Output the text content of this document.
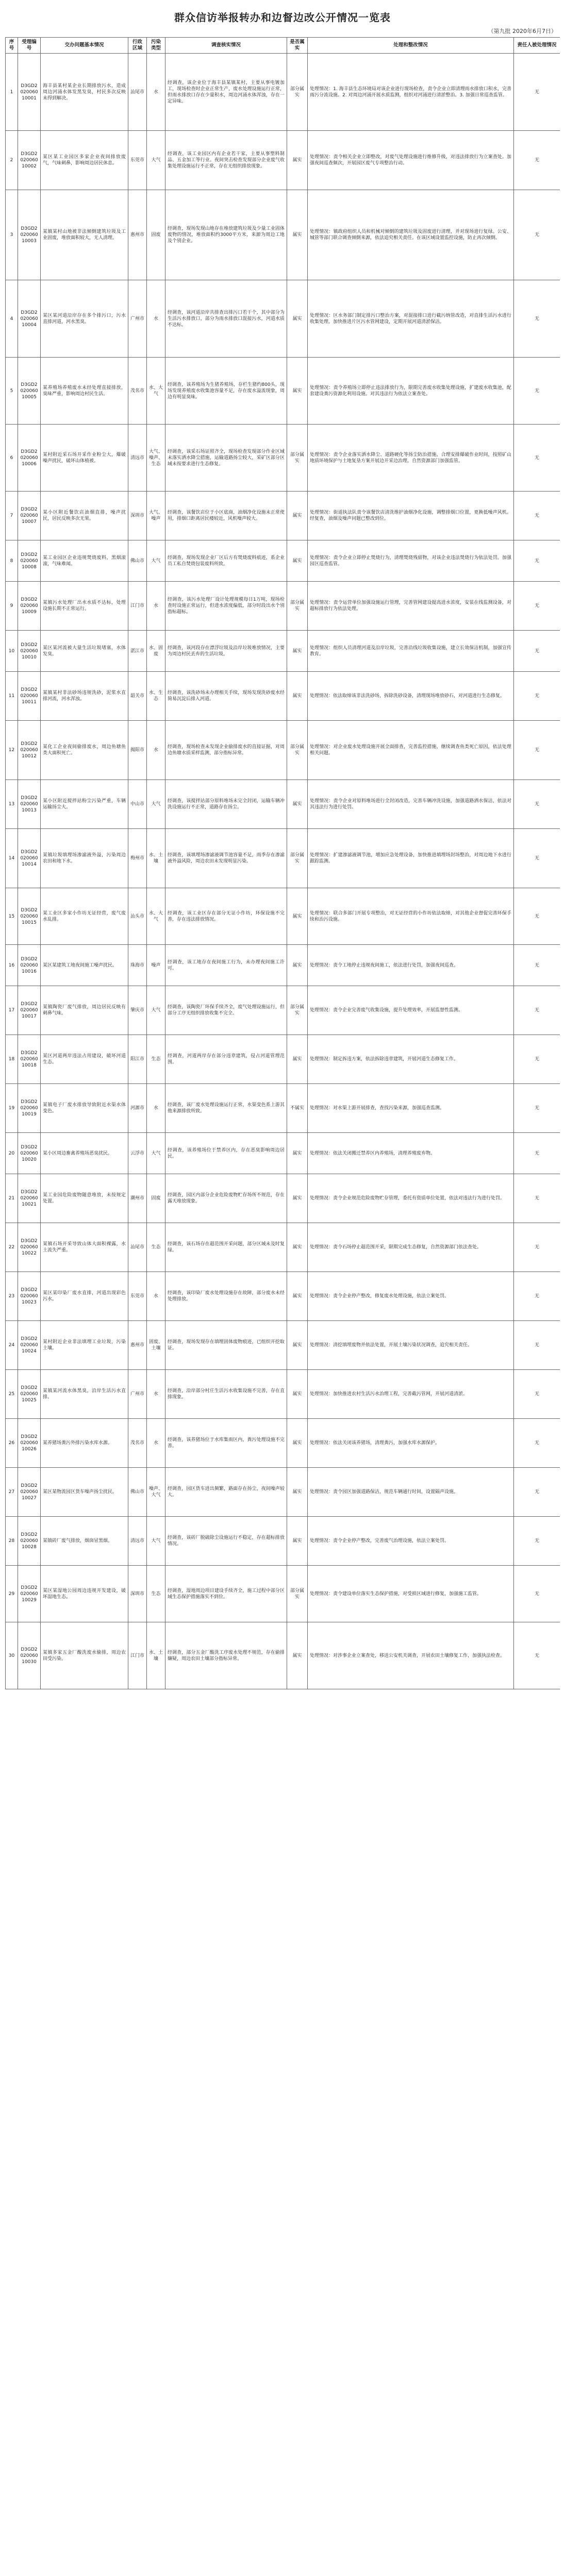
群众信访举报转办和边督边改公开情况一览表
（第九批 2020年6月7日）
序号	受理编号	交办问题基本情况	行政区域	污染类型	调查核实情况	是否属实	处理和整改情况	责任人被处理情况
1	D3GD202006010001	海丰县某村某企业长期排放污水，造成周边河涌水体发黑发臭，村民多次反映未得到解决。	汕尾市	水	经调查，该企业位于海丰县某镇某村，主要从事电镀加工，现场检查时企业正常生产，废水处理设施运行正常，但雨水排放口存在少量积水，周边河涌水体浑浊，存在一定异味。	部分属实	处理情况：1. 海丰县生态环境局对该企业进行现场检查，责令企业立即清理雨水排放口积水，完善雨污分流设施。2. 对周边河涌开展水质监测，组织对河涌进行清淤整治。3. 加强日常巡查监管。	无
2	D3GD202006010002	某区某工业园区多家企业夜间排放废气，气味刺鼻，影响周边居民休息。	东莞市	大气	经调查，该工业园区内有企业若干家，主要从事塑料制品、五金加工等行业。夜间突击检查发现部分企业废气收集处理设施运行不正常，存在无组织排放现象。	属实	处理情况：责令相关企业立即整改，对废气处理设施进行维修升级，对违法排放行为立案查处。加强夜间巡查频次，开展园区废气专项整治行动。	无
3	D3GD202006010003	某镇某村山地被非法倾倒建筑垃圾及工业固废，堆放面积较大，无人清理。	惠州市	固废	经调查，现场发现山地存在堆放建筑垃圾及少量工业固体废物的情况，堆放面积约3000平方米，来源为周边工地及个别企业。	属实	处理情况：镇政府组织人员和机械对倾倒的建筑垃圾及固废进行清理，并对现场进行复绿。公安、城管等部门联合调查倾倒来源，依法追究相关责任。在该区域设置监控设施，防止再次倾倒。	无
4	D3GD202006010004	某区某河道沿岸存在多个排污口，污水直排河道，河水黑臭。	广州市	水	经调查，该河道沿岸共排查出排污口若干个，其中部分为生活污水排放口，部分为雨水排放口混接污水，河道水质不达标。	属实	处理情况：区水务部门制定排污口整治方案，对混接排口进行截污纳管改造，对直排生活污水进行收集处理。加快推进片区污水管网建设，定期开展河道清淤保洁。	无
5	D3GD202006010005	某养殖场养殖废水未经处理直接排放，臭味严重，影响周边村民生活。	茂名市	水、大气	经调查，该养殖场为生猪养殖场，存栏生猪约800头，现场发现养殖废水收集池容量不足，存在废水溢流现象，周边有明显臭味。	属实	处理情况：责令养殖场立即停止违法排放行为，限期完善废水收集处理设施，扩建废水收集池，配套建设粪污资源化利用设施。对其违法行为依法立案查处。	无
6	D3GD202006010006	某村附近采石场开采作业粉尘大，爆破噪声扰民，破坏山体植被。	清远市	大气、噪声、生态	经调查，该采石场证照齐全，现场检查发现部分作业区域未落实洒水降尘措施，运输道路扬尘较大，采矿区部分区域未按要求进行生态修复。	部分属实	处理情况：责令企业落实洒水降尘、道路硬化等扬尘防治措施，合理安排爆破作业时间，按照矿山地质环境保护与土地复垦方案开展边开采边治理。自然资源部门加强监管。	无
7	D3GD202006010007	某小区附近餐饮店油烟直排，噪声扰民，居民反映多次无果。	深圳市	大气、噪声	经调查，该餐饮店位于小区底商，油烟净化设施未正常使用，排烟口距离居民楼较近，风机噪声较大。	属实	处理情况：街道执法队责令该餐饮店清洗维护油烟净化设施，调整排烟口位置，更换低噪声风机。经复查，油烟及噪声问题已整改到位。	无
8	D3GD202006010008	某工业园区企业违规焚烧废料，黑烟滚滚，气味难闻。	佛山市	大气	经调查，现场发现企业厂区后方有焚烧废料痕迹，系企业员工私自焚烧包装废料所致。	属实	处理情况：责令企业立即停止焚烧行为，清理焚烧残留物，对该企业违法焚烧行为依法处罚。加强园区巡查监管。	无
9	D3GD202006010009	某镇污水处理厂出水水质不达标，处理设施长期不正常运行。	江门市	水	经调查，该污水处理厂设计处理规模每日1万吨，现场检查时设施正常运行，但进水浓度偏低，部分时段出水个别指标超标。	部分属实	处理情况：责令运营单位加强设施运行管理，完善管网建设提高进水浓度，安装在线监测设备，对超标排放行为依法处理。	无
10	D3GD202006010010	某区某河流被大量生活垃圾堵塞，水体发臭。	湛江市	水、固废	经调查，该河段存在漂浮垃圾及沿岸垃圾堆放情况，主要为周边村民丢弃的生活垃圾。	属实	处理情况：组织人员清理河道及沿岸垃圾，完善沿线垃圾收集设施，建立长效保洁机制，加强宣传教育。	无
11	D3GD202006010011	某镇某村非法砂场违规洗砂，泥浆水直排河流，河水浑浊。	韶关市	水、生态	经调查，该洗砂场未办理相关手续，现场发现洗砂废水经简易沉淀后排入河道。	属实	处理情况：依法取缔该非法洗砂场，拆除洗砂设备，清理现场堆放砂石，对河道进行生态修复。	无
12	D3GD202006010012	某化工企业夜间偷排废水，周边鱼塘鱼类大面积死亡。	揭阳市	水	经调查，现场检查未发现企业偷排废水的直接证据，对周边鱼塘水质采样监测，部分指标异常。	部分属实	处理情况：对企业废水处理设施开展全面排查，完善监控措施，继续调查鱼类死亡原因，依法处理相关问题。	无
13	D3GD202006010013	某小区附近搅拌站粉尘污染严重，车辆运输扬尘大。	中山市	大气	经调查，该搅拌站部分原料堆场未完全封闭，运输车辆冲洗设施运行不正常，道路存在扬尘。	属实	处理情况：责令企业对原料堆场进行全封闭改造，完善车辆冲洗设施，加强道路洒水保洁，依法对其违法行为进行处罚。	无
14	D3GD202006010014	某镇垃圾填埋场渗滤液外溢，污染周边农田和地下水。	梅州市	水、土壤	经调查，该填埋场渗滤液调节池容量不足，雨季存在渗滤液外溢风险，周边农田未发现明显污染。	部分属实	处理情况：扩建渗滤液调节池，增加应急处理设备，加快推进填埋场封场整治，对周边地下水进行跟踪监测。	无
15	D3GD202006010015	某工业区多家小作坊无证经营，废气废水乱排。	汕头市	水、大气	经调查，该工业区存在部分无证小作坊，环保设施不完善，存在违法排放情况。	属实	处理情况：联合多部门开展专项整治，对无证经营的小作坊依法取缔，对其他企业督促完善环保手续和治污设施。	无
16	D3GD202006010016	某区某建筑工地夜间施工噪声扰民。	珠海市	噪声	经调查，该工地存在夜间施工行为，未办理夜间施工许可。	属实	处理情况：责令工地停止违规夜间施工，依法进行处罚，加强夜间巡查。	无
17	D3GD202006010017	某镇陶瓷厂废气排放，周边居民反映有刺鼻气味。	肇庆市	大气	经调查，该陶瓷厂环保手续齐全，废气处理设施运行，但部分工序无组织排放收集不完全。	部分属实	处理情况：责令企业完善废气收集设施，提升处理效率，开展监督性监测。	无
18	D3GD202006010018	某区河道两岸违法占用建设，破坏河道生态。	阳江市	生态	经调查，河道两岸存在部分违章建筑，侵占河道管理范围。	属实	处理情况：制定拆违方案，依法拆除违章建筑，开展河道生态修复工作。	无
19	D3GD202006010019	某镇电子厂废水排放导致附近水渠水体变色。	河源市	水	经调查，该厂废水处理设施运行正常，水渠变色系上游其他来源排放所致。	不属实	处理情况：对水渠上游开展排查，查找污染来源，加强巡查监测。	无
20	D3GD202006010020	某小区周边畜禽养殖场恶臭扰民。	云浮市	大气	经调查，该养殖场位于禁养区内，存在恶臭影响周边居民。	属实	处理情况：依法关闭搬迁禁养区内养殖场，清理养殖废弃物。	无
21	D3GD202006010021	某工业园危险废物随意堆放，未按规定处置。	潮州市	固废	经调查，园区内部分企业危险废物贮存场所不规范，存在露天堆放现象。	属实	处理情况：责令企业规范危险废物贮存管理，委托有资质单位处置，依法对违法行为进行处罚。	无
22	D3GD202006010022	某镇石场开采导致山体大面积裸露，水土流失严重。	汕尾市	生态	经调查，该石场存在超范围开采问题，部分区域未及时复绿。	属实	处理情况：责令石场停止超范围开采，限期完成生态修复，自然资源部门依法查处。	无
23	D3GD202006010023	某区某印染厂废水直排，河道出现彩色污水。	东莞市	水	经调查，该印染厂废水处理设施存在故障，部分废水未经处理排放。	属实	处理情况：责令企业停产整改，修复废水处理设施，依法立案处罚。	无
24	D3GD202006010024	某村附近企业非法填埋工业垃圾，污染土壤。	惠州市	固废、土壤	经调查，现场发现存在填埋固体废物痕迹，已组织开挖取证。	属实	处理情况：清挖填埋废物并依法处置，开展土壤污染状况调查，追究相关责任。	无
25	D3GD202006010025	某镇某河流水体黑臭，沿岸生活污水直排。	广州市	水	经调查，沿岸部分村庄生活污水收集设施不完善，存在直排现象。	属实	处理情况：加快推进农村生活污水治理工程，完善截污管网，开展河道清淤。	无
26	D3GD202006010026	某养猪场粪污外排污染水库水源。	茂名市	水	经调查，该养猪场位于水库集雨区内，粪污处理设施不完善。	属实	处理情况：依法关闭该养猪场，清理粪污，加强水库水源保护。	无
27	D3GD202006010027	某区某物流园区货车噪声扬尘扰民。	佛山市	噪声、大气	经调查，园区货车进出频繁，路面存在扬尘，夜间噪声较大。	属实	处理情况：责令园区加强道路保洁，规范车辆通行时间，设置隔声设施。	无
28	D3GD202006010028	某镇砖厂废气排放，烟囱冒黑烟。	清远市	大气	经调查，该砖厂脱硫除尘设施运行不稳定，存在超标排放情况。	属实	处理情况：责令企业停产整改，完善废气治理设施，依法立案处罚。	无
29	D3GD202006010029	某区某湿地公园周边违规开发建设，破坏湿地生态。	深圳市	生态	经调查，湿地周边项目建设手续齐全，施工过程中部分区域生态保护措施落实不到位。	部分属实	处理情况：责令建设单位落实生态保护措施，对受损区域进行修复，加强施工监管。	无
30	D3GD202006010030	某镇多家五金厂酸洗废水偷排，周边农田受污染。	江门市	水、土壤	经调查，部分五金厂酸洗工序废水处理不规范，存在偷排嫌疑，周边农田土壤部分指标异常。	属实	处理情况：对涉事企业立案查处，移送公安机关调查，开展农田土壤修复工作，加强执法检查。	无
